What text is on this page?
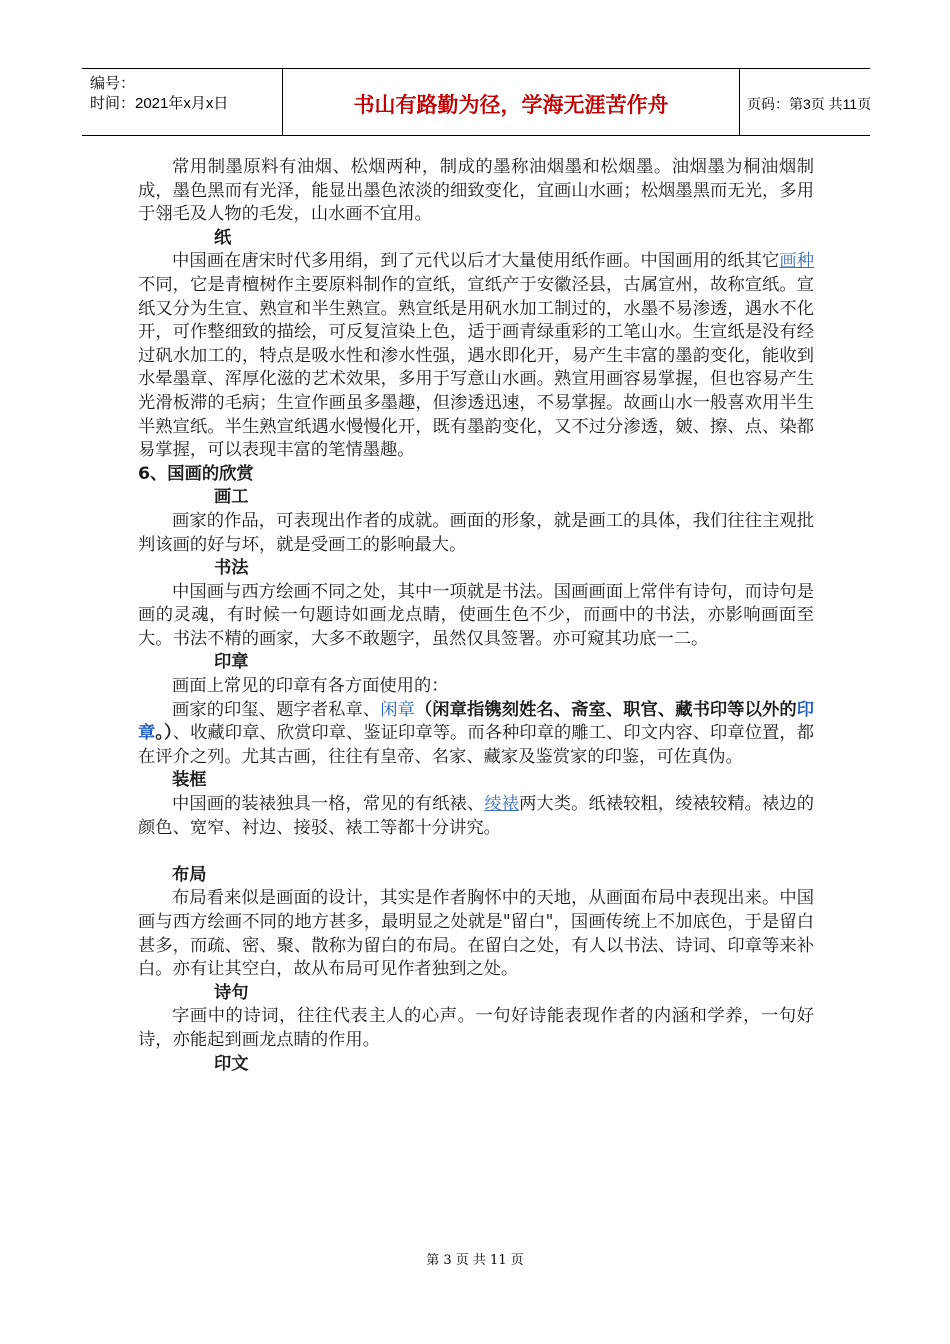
编号：
时间：2021年x月x日	书山有路勤为径，学海无涯苦作舟	页码：第3页 共11页

常用制墨原料有油烟、松烟两种，制成的墨称油烟墨和松烟墨。油烟墨为桐油烟制成，墨色黑而有光泽，能显出墨色浓淡的细致变化，宜画山水画；松烟墨黑而无光，多用于翎毛及人物的毛发，山水画不宜用。

纸

中国画在唐宋时代多用绢，到了元代以后才大量使用纸作画。中国画用的纸其它画种不同，它是青檀树作主要原料制作的宣纸，宣纸产于安徽泾县，古属宣州，故称宣纸。宣纸又分为生宣、熟宣和半生熟宣。熟宣纸是用矾水加工制过的，水墨不易渗透，遇水不化开，可作整细致的描绘，可反复渲染上色，适于画青绿重彩的工笔山水。生宣纸是没有经过矾水加工的，特点是吸水性和渗水性强，遇水即化开，易产生丰富的墨韵变化，能收到水晕墨章、浑厚化滋的艺术效果，多用于写意山水画。熟宣用画容易掌握，但也容易产生光滑板滞的毛病；生宣作画虽多墨趣，但渗透迅速，不易掌握。故画山水一般喜欢用半生半熟宣纸。半生熟宣纸遇水慢慢化开，既有墨韵变化，又不过分渗透，皴、擦、点、染都易掌握，可以表现丰富的笔情墨趣。

6、国画的欣赏

画工

画家的作品，可表现出作者的成就。画面的形象，就是画工的具体，我们往往主观批判该画的好与坏，就是受画工的影响最大。

书法

中国画与西方绘画不同之处，其中一项就是书法。国画画面上常伴有诗句，而诗句是画的灵魂，有时候一句题诗如画龙点睛，使画生色不少，而画中的书法，亦影响画面至大。书法不精的画家，大多不敢题字，虽然仅具签署。亦可窥其功底一二。

印章

画面上常见的印章有各方面使用的：

画家的印玺、题字者私章、闲章（闲章指镌刻姓名、斋室、职官、藏书印等以外的印章。）、收藏印章、欣赏印章、鉴证印章等。而各种印章的雕工、印文内容、印章位置，都在评介之列。尤其古画，往往有皇帝、名家、藏家及鉴赏家的印鉴，可佐真伪。

装框

中国画的装裱独具一格，常见的有纸裱、绫裱两大类。纸裱较粗，绫裱较精。裱边的颜色、宽窄、衬边、接驳、裱工等都十分讲究。

布局

布局看来似是画面的设计，其实是作者胸怀中的天地，从画面布局中表现出来。中国画与西方绘画不同的地方甚多，最明显之处就是"留白"，国画传统上不加底色，于是留白甚多，而疏、密、聚、散称为留白的布局。在留白之处，有人以书法、诗词、印章等来补白。亦有让其空白，故从布局可见作者独到之处。

诗句

字画中的诗词，往往代表主人的心声。一句好诗能表现作者的内涵和学养，一句好诗，亦能起到画龙点睛的作用。

印文

第 3 页 共 11 页
